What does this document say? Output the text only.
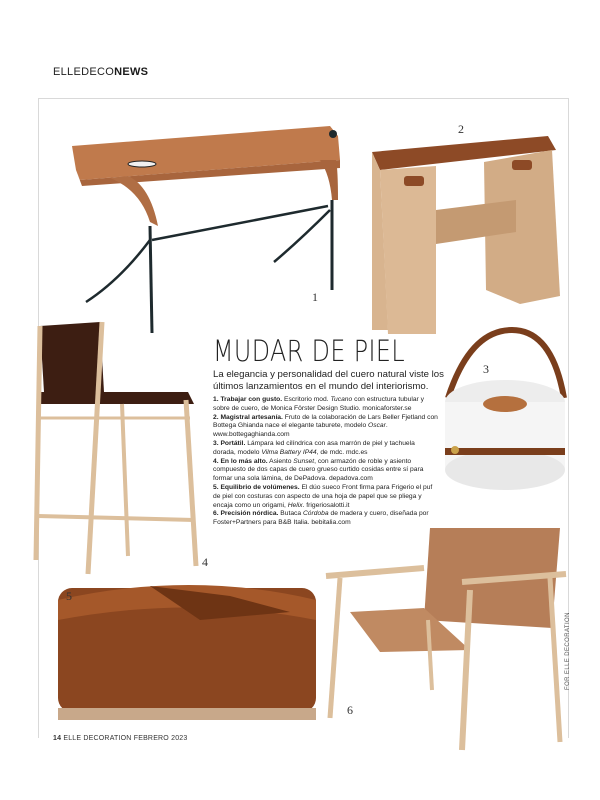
ELLEDECONEWS
1
2
3
4
5
6
MUDAR DE PIEL
La elegancia y personalidad del cuero natural viste los últimos lanzamientos en el mundo del interiorismo.

1. Trabajar con gusto. Escritorio mod. Tucano con estructura tubular y sobre de cuero, de Monica Förster Design Studio. monicaforster.se

2. Magistral artesanía. Fruto de la colaboración de Lars Beller Fjetland con Bottega Ghianda nace el elegante taburete, modelo Oscar. www.bottegaghianda.com

3. Portátil. Lámpara led cilíndrica con asa marrón de piel y tachuela dorada, modelo Vilma Battery IP44, de mdc. mdc.es

4. En lo más alto. Asiento Sunset, con armazón de roble y asiento compuesto de dos capas de cuero grueso curtido cosidas entre sí para formar una sola lámina, de DePadova. depadova.com

5. Equilibrio de volúmenes. El dúo sueco Front firma para Frigerio el puf de piel con costuras con aspecto de una hoja de papel que se pliega y encaja como un origami, Helix. frigeriosalotti.it

6. Precisión nórdica. Butaca Córdoba de madera y cuero, diseñada por Foster+Partners para B&B Italia. bebitalia.com

FOR ELLE DECORATION
14 ELLE DECORATION FEBRERO 2023
